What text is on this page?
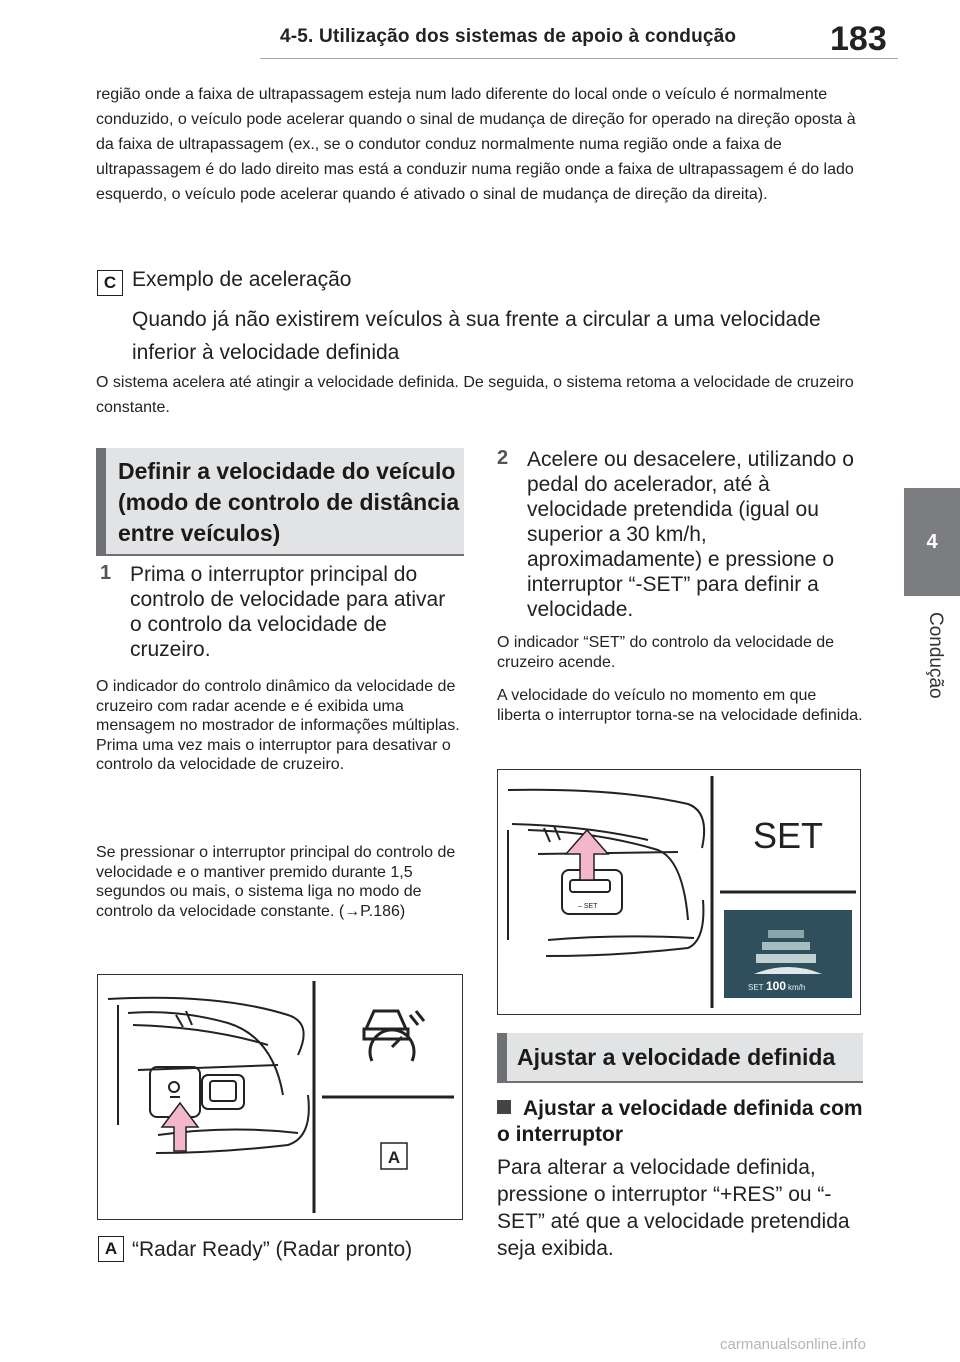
4-5. Utilização dos sistemas de apoio à condução	183
4
Condução
região onde a faixa de ultrapassagem esteja num lado diferente do local onde o veículo é normalmente conduzido, o veículo pode acelerar quando o sinal de mudança de direção for operado na direção oposta à da faixa de ultrapassagem (ex., se o condutor conduz normalmente numa região onde a faixa de ultrapassagem é do lado direito mas está a conduzir numa região onde a faixa de ultrapassagem é do lado esquerdo, o veículo pode acelerar quando é ativado o sinal de mudança de direção da direita).
C Exemplo de aceleração
Quando já não existirem veículos à sua frente a circular a uma velocidade inferior à velocidade definida
O sistema acelera até atingir a velocidade definida. De seguida, o sistema retoma a velocidade de cruzeiro constante.
Definir a velocidade do veículo (modo de controlo de distância entre veículos)
1 Prima o interruptor principal do controlo de velocidade para ativar o controlo da velocidade de cruzeiro.
O indicador do controlo dinâmico da velocidade de cruzeiro com radar acende e é exibida uma mensagem no mostrador de informações múltiplas. Prima uma vez mais o interruptor para desativar o controlo da velocidade de cruzeiro.
Se pressionar o interruptor principal do controlo de velocidade e o mantiver premido durante 1,5 segundos ou mais, o sistema liga no modo de controlo da velocidade constante. (→P.186)
A
A “Radar Ready” (Radar pronto)
2 Acelere ou desacelere, utilizando o pedal do acelerador, até à velocidade pretendida (igual ou superior a 30 km/h, aproximadamente) e pressione o interruptor “-SET” para definir a velocidade.
O indicador “SET” do controlo da velocidade de cruzeiro acende.
A velocidade do veículo no momento em que liberta o interruptor torna-se na velocidade definida.
– SET
SET
SET 100 km/h
Ajustar a velocidade definida
Ajustar a velocidade definida com o interruptor
Para alterar a velocidade definida, pressione o interruptor “+RES” ou “-SET” até que a velocidade pretendida seja exibida.
carmanualsonline.info
